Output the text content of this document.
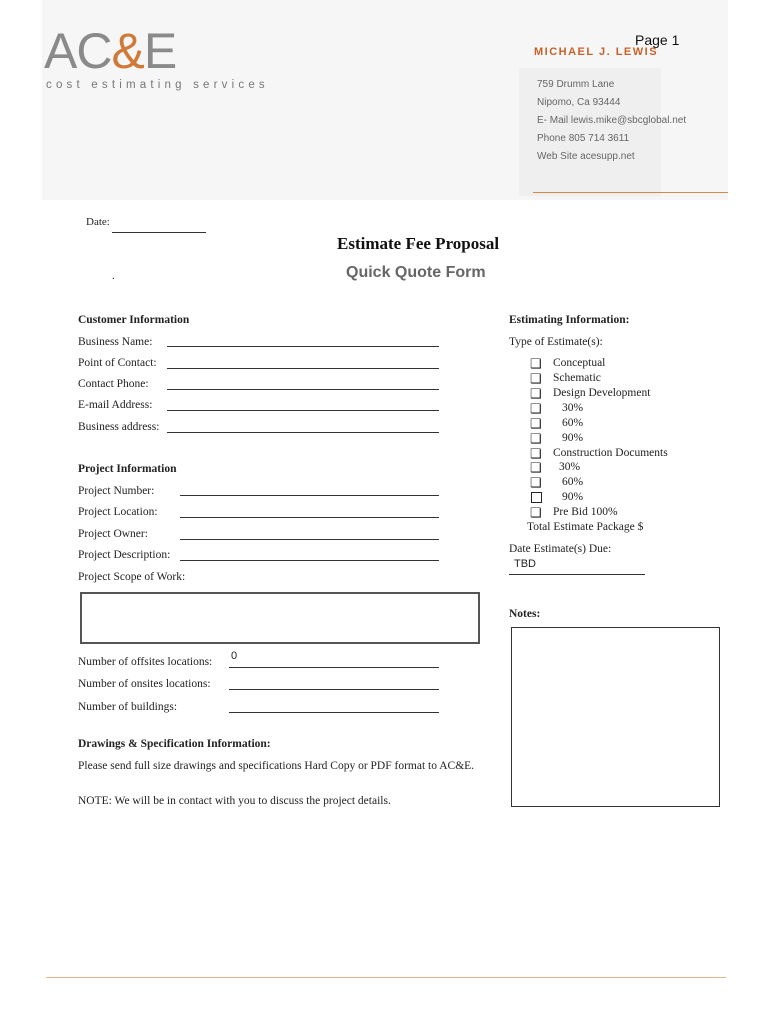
AC&E
cost estimating services
Page 1
MICHAEL J. LEWIS
759 Drumm Lane
Nipomo, Ca 93444
E- Mail lewis.mike@sbcglobal.net
Phone 805 714 3611
Web Site acesupp.net
Date:
Estimate Fee Proposal
.	Quick Quote Form
Customer Information
Business Name:
Point of Contact:
Contact Phone:
E-mail Address:
Business address:
Project Information
Project Number:
Project Location:
Project Owner:
Project Description:
Project Scope of Work:
Number of offsites locations: 0
Number of onsites locations:
Number of buildings:
Drawings & Specification Information:
Please send full size drawings and specifications Hard Copy or PDF format to AC&E.
NOTE: We will be in contact with you to discuss the project details.
Estimating Information:
Type of Estimate(s):
❑ Conceptual
❑ Schematic
❑ Design Development
❑ 30%
❑ 60%
❑ 90%
❑ Construction Documents
❑ 30%
❑ 60%
90%
❑ Pre Bid 100%
Total Estimate Package $
Date Estimate(s) Due:
TBD
Notes:
